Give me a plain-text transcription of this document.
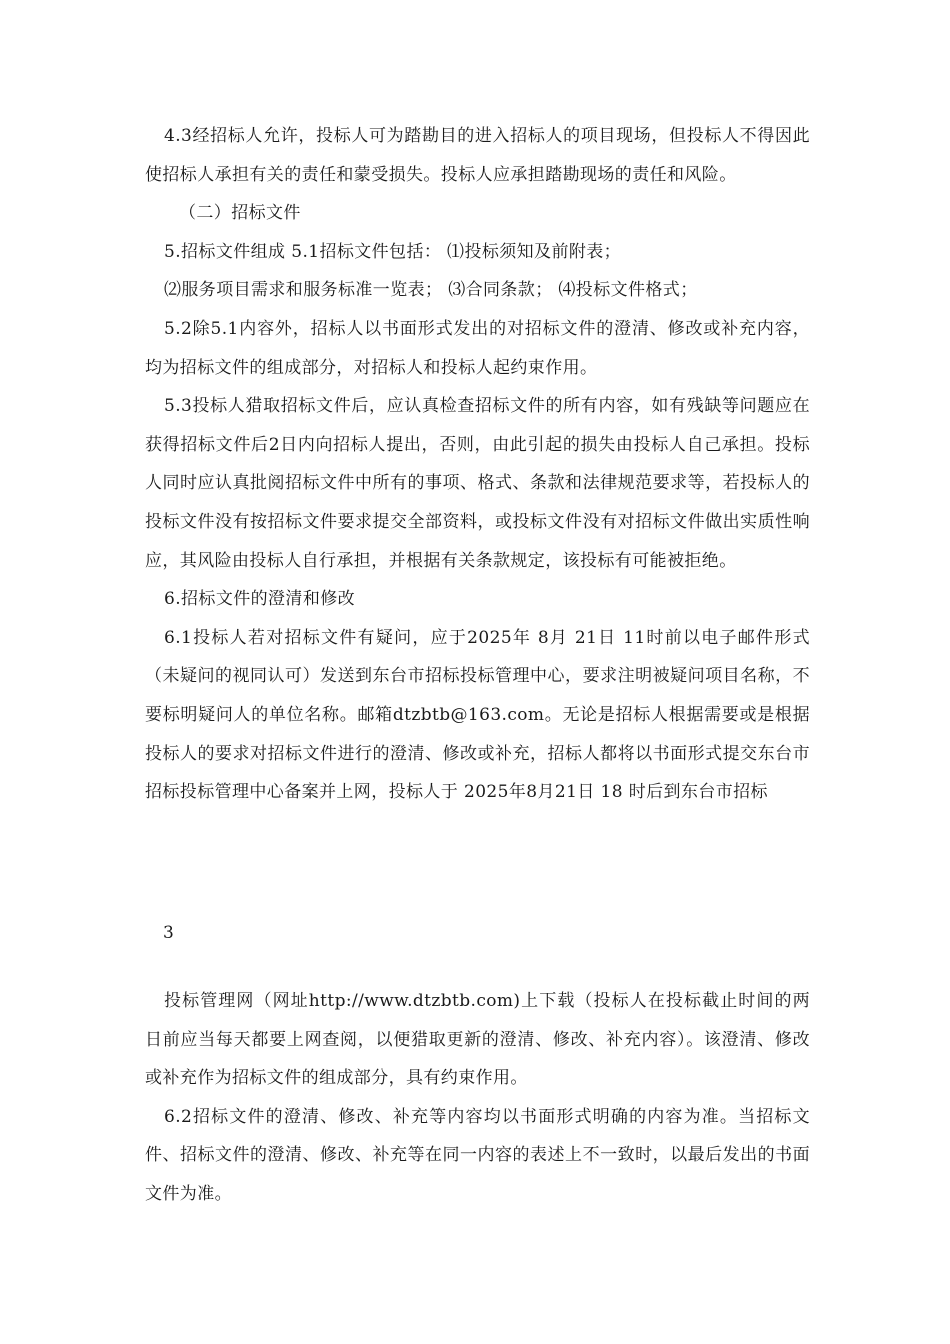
4.3经招标人允许，投标人可为踏勘目的进入招标人的项目现场，但投标人不得因此使招标人承担有关的责任和蒙受损失。投标人应承担踏勘现场的责任和风险。

（二）招标文件

5.招标文件组成 5.1招标文件包括： ⑴投标须知及前附表；

⑵服务项目需求和服务标准一览表； ⑶合同条款； ⑷投标文件格式；

5.2除5.1内容外，招标人以书面形式发出的对招标文件的澄清、修改或补充内容，均为招标文件的组成部分，对招标人和投标人起约束作用。

5.3投标人猎取招标文件后，应认真检查招标文件的所有内容，如有残缺等问题应在获得招标文件后2日内向招标人提出，否则，由此引起的损失由投标人自己承担。投标人同时应认真批阅招标文件中所有的事项、格式、条款和法律规范要求等，若投标人的投标文件没有按招标文件要求提交全部资料，或投标文件没有对招标文件做出实质性响应，其风险由投标人自行承担，并根据有关条款规定，该投标有可能被拒绝。

6.招标文件的澄清和修改

6.1投标人若对招标文件有疑问，应于2025年 8月 21日 11时前以电子邮件形式（未疑问的视同认可）发送到东台市招标投标管理中心，要求注明被疑问项目名称，不要标明疑问人的单位名称。邮箱dtzbtb@163.com。无论是招标人根据需要或是根据投标人的要求对招标文件进行的澄清、修改或补充，招标人都将以书面形式提交东台市招标投标管理中心备案并上网，投标人于 2025年8月21日 18 时后到东台市招标

3

投标管理网（网址http://www.dtzbtb.com)上下载（投标人在投标截止时间的两日前应当每天都要上网查阅，以便猎取更新的澄清、修改、补充内容）。该澄清、修改或补充作为招标文件的组成部分，具有约束作用。

6.2招标文件的澄清、修改、补充等内容均以书面形式明确的内容为准。当招标文件、招标文件的澄清、修改、补充等在同一内容的表述上不一致时，以最后发出的书面文件为准。
